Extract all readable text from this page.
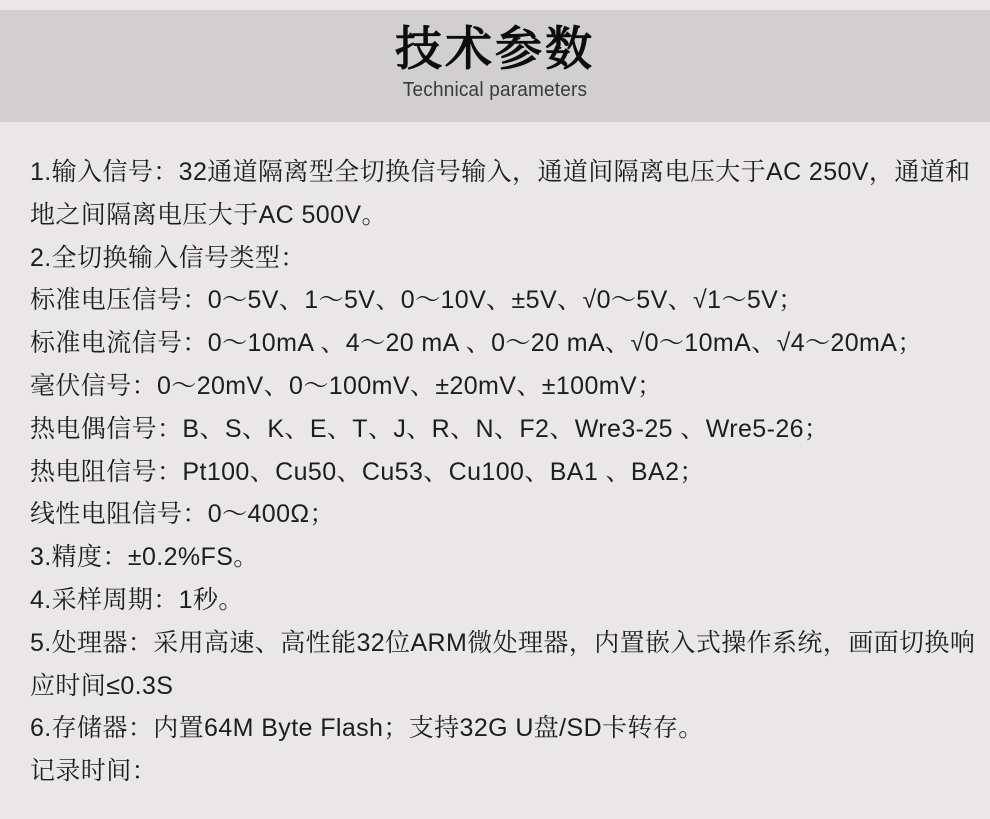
技术参数
Technical parameters

1.输入信号：32通道隔离型全切换信号输入，通道间隔离电压大于AC 250V，通道和

地之间隔离电压大于AC 500V。

2.全切换输入信号类型：

标准电压信号：0～5V、1～5V、0～10V、±5V、√0～5V、√1～5V；

标准电流信号：0～10mA 、4～20 mA 、0～20 mA、√0～10mA、√4～20mA；

毫伏信号：0～20mV、0～100mV、±20mV、±100mV；

热电偶信号：B、S、K、E、T、J、R、N、F2、Wre3-25 、Wre5-26；

热电阻信号：Pt100、Cu50、Cu53、Cu100、BA1 、BA2；

线性电阻信号：0～400Ω；

3.精度：±0.2%FS。

4.采样周期：1秒。

5.处理器：采用高速、高性能32位ARM微处理器，内置嵌入式操作系统，画面切换响

应时间≤0.3S

6.存储器：内置64M Byte Flash；支持32G U盘/SD卡转存。

记录时间：
